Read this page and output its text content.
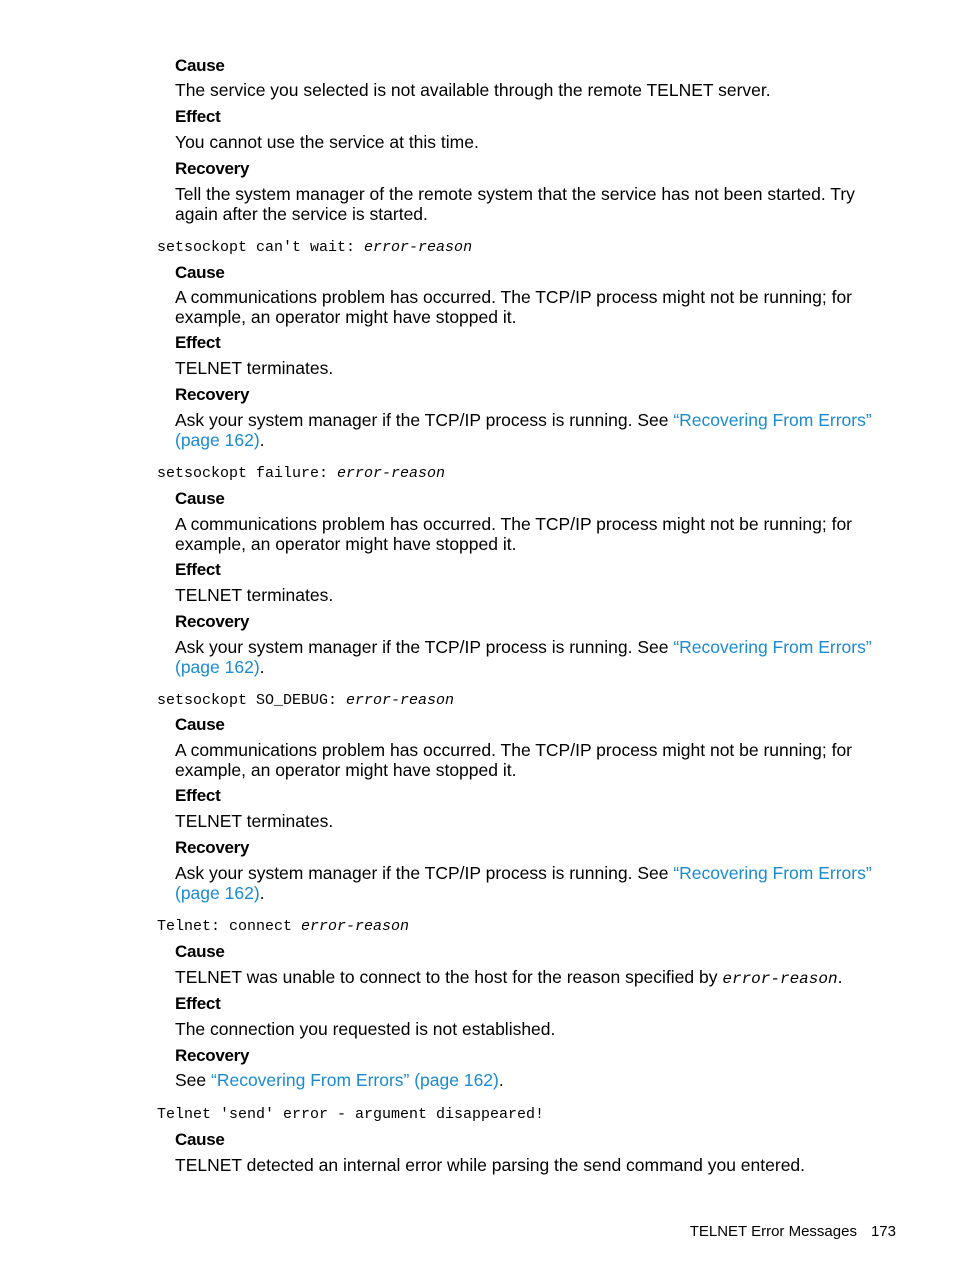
Cause
The service you selected is not available through the remote TELNET server.
Effect
You cannot use the service at this time.
Recovery
Tell the system manager of the remote system that the service has not been started. Try again after the service is started.
setsockopt can't wait: error-reason
Cause
A communications problem has occurred. The TCP/IP process might not be running; for example, an operator might have stopped it.
Effect
TELNET terminates.
Recovery
Ask your system manager if the TCP/IP process is running. See “Recovering From Errors” (page 162).
setsockopt failure: error-reason
Cause
A communications problem has occurred. The TCP/IP process might not be running; for example, an operator might have stopped it.
Effect
TELNET terminates.
Recovery
Ask your system manager if the TCP/IP process is running. See “Recovering From Errors” (page 162).
setsockopt SO_DEBUG: error-reason
Cause
A communications problem has occurred. The TCP/IP process might not be running; for example, an operator might have stopped it.
Effect
TELNET terminates.
Recovery
Ask your system manager if the TCP/IP process is running. See “Recovering From Errors” (page 162).
Telnet: connect error-reason
Cause
TELNET was unable to connect to the host for the reason specified by error-reason.
Effect
The connection you requested is not established.
Recovery
See “Recovering From Errors” (page 162).
Telnet 'send' error - argument disappeared!
Cause
TELNET detected an internal error while parsing the send command you entered.
TELNET Error Messages 173
